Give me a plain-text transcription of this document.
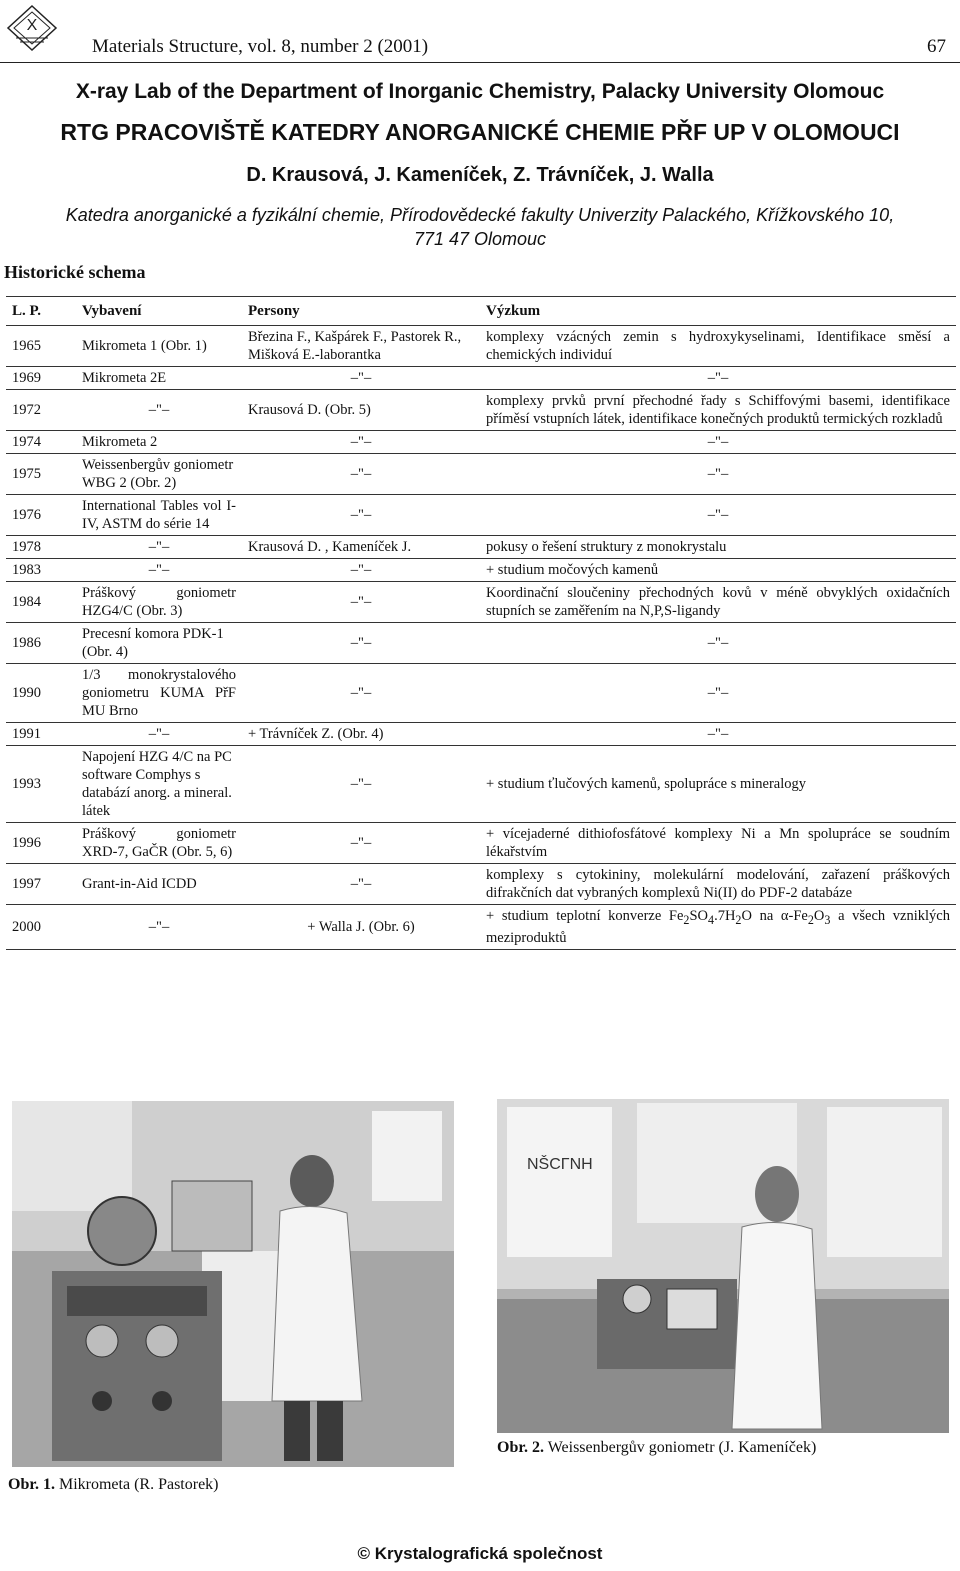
X
Materials Structure, vol. 8, number 2 (2001)	67
X-ray Lab of the Department of Inorganic Chemistry, Palacky University Olomouc
RTG PRACOVIŠTĚ KATEDRY ANORGANICKÉ CHEMIE PŘF UP V OLOMOUCI
D. Krausová, J. Kameníček, Z. Trávníček, J. Walla
Katedra anorganické a fyzikální chemie, Přírodovědecké fakulty Univerzity Palackého, Křížkovského 10,
771 47 Olomouc
Historické schema
L. P.	Vybavení	Persony	Výzkum
1965	Mikrometa 1 (Obr. 1)	Březina F., Kašpárek F., Pastorek R., Mišková E.-laborantka	komplexy vzácných zemin s hydroxykyselinami, Identifikace směsí a chemických individuí
1969	Mikrometa 2E	–"–	–"–
1972	–"–	Krausová D. (Obr. 5)	komplexy prvků první přechodné řady s Schiffovými basemi, identifikace příměsí vstupních látek, identifikace konečných produktů termických rozkladů
1974	Mikrometa 2	–"–	–"–
1975	Weissenbergův goniometr WBG 2 (Obr. 2)	–"–	–"–
1976	International Tables vol I-IV, ASTM do série 14	–"–	–"–
1978	–"–	Krausová D. , Kameníček J.	pokusy o řešení struktury z monokrystalu
1983	–"–	–"–	+ studium močových kamenů
1984	Práškový goniometr HZG4/C (Obr. 3)	–"–	Koordinační sloučeniny přechodných kovů v méně obvyklých oxidačních stupních se zaměřením na N,P,S-ligandy
1986	Precesní komora PDK-1 (Obr. 4)	–"–	–"–
1990	1/3 monokrystalového goniometru KUMA PřF MU Brno	–"–	–"–
1991	–"–	+ Trávníček Z. (Obr. 4)	–"–
1993	Napojení HZG 4/C na PC software Comphys s databází anorg. a mineral. látek	–"–	+ studium ťlučových kamenů, spolupráce s mineralogy
1996	Práškový goniometr XRD-7, GaČR (Obr. 5, 6)	–"–	+ vícejaderné dithiofosfátové komplexy Ni a Mn spolupráce se soudním lékařstvím
1997	Grant-in-Aid ICDD	–"–	komplexy s cytokininy, molekulární modelování, zařazení práškových difrakčních dat vybraných komplexů Ni(II) do PDF-2 databáze
2000	–"–	+ Walla J. (Obr. 6)	+ studium teplotní konverze $Fe_2SO_4.7H_2O$ na $\alpha-Fe_2O_3$ a všech vzniklých meziproduktů
Obr. 1. Mikrometa (R. Pastorek)
NŠCΓNH
Obr. 2. Weissenbergův goniometr (J. Kameníček)
© Krystalografická společnost
